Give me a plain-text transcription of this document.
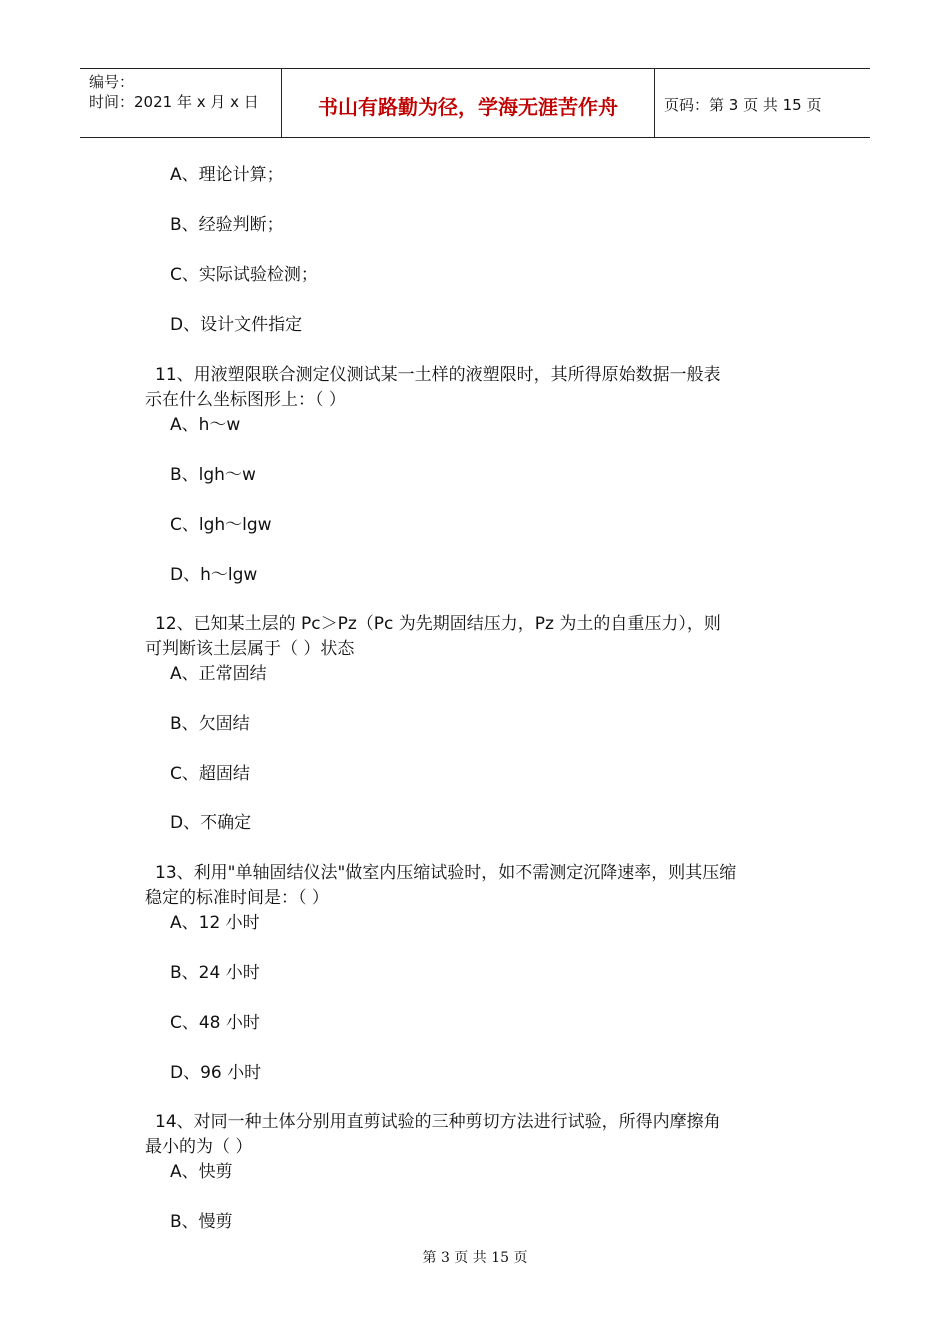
编号：
时间：2021 年 x 月 x 日	书山有路勤为径，学海无涯苦作舟	页码：第 3 页 共 15 页
A、理论计算；
B、经验判断；
C、实际试验检测；
D、设计文件指定
11、用液塑限联合测定仪测试某一土样的液塑限时，其所得原始数据一般表
示在什么坐标图形上：（ ）
A、h～w
B、lgh～w
C、lgh～lgw
D、h～lgw
12、已知某土层的 Pc＞Pz（Pc 为先期固结压力，Pz 为土的自重压力），则
可判断该土层属于（ ）状态
A、正常固结
B、欠固结
C、超固结
D、不确定
13、利用"单轴固结仪法"做室内压缩试验时，如不需测定沉降速率，则其压缩
稳定的标准时间是：（ ）
A、12 小时
B、24 小时
C、48 小时
D、96 小时
14、对同一种土体分别用直剪试验的三种剪切方法进行试验，所得内摩擦角
最小的为（ ）
A、快剪
B、慢剪
第 3 页 共 15 页
